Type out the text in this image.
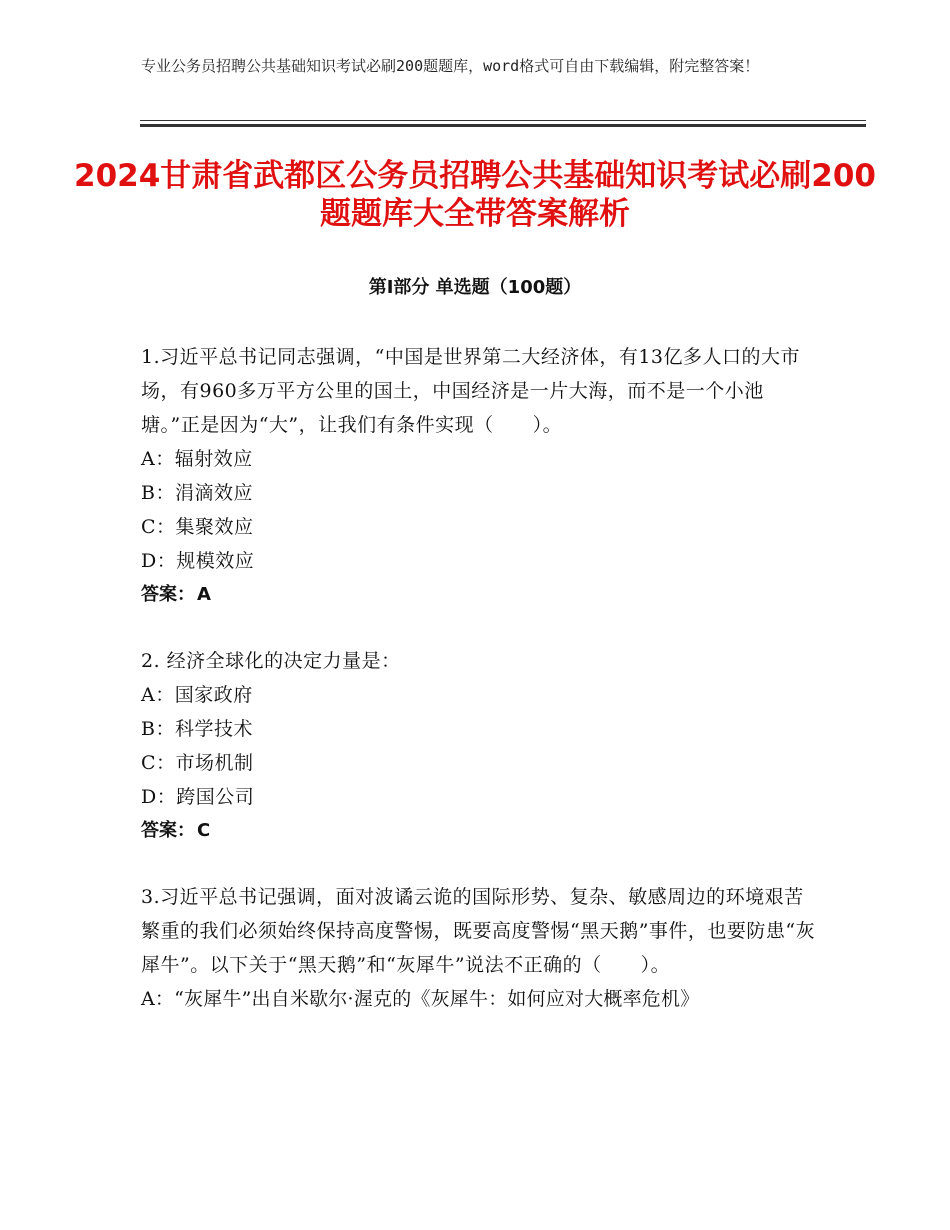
专业公务员招聘公共基础知识考试必刷200题题库，word格式可自由下载编辑，附完整答案！
2024甘肃省武都区公务员招聘公共基础知识考试必刷200题题库大全带答案解析
第Ⅰ部分 单选题（100题）
1.习近平总书记同志强调，“中国是世界第二大经济体，有13亿多人口的大市场，有960多万平方公里的国土，中国经济是一片大海，而不是一个小池塘。”正是因为“大”，让我们有条件实现（　　）。
A：辐射效应
B：涓滴效应
C：集聚效应
D：规模效应
答案： A
2. 经济全球化的决定力量是：
A：国家政府
B：科学技术
C：市场机制
D：跨国公司
答案： C
3.习近平总书记强调，面对波谲云诡的国际形势、复杂、敏感周边的环境艰苦繁重的我们必须始终保持高度警惕，既要高度警惕“黑天鹅”事件，也要防患“灰犀牛”。以下关于“黑天鹅”和“灰犀牛”说法不正确的（　　）。
A：“灰犀牛”出自米歇尔·渥克的《灰犀牛：如何应对大概率危机》
